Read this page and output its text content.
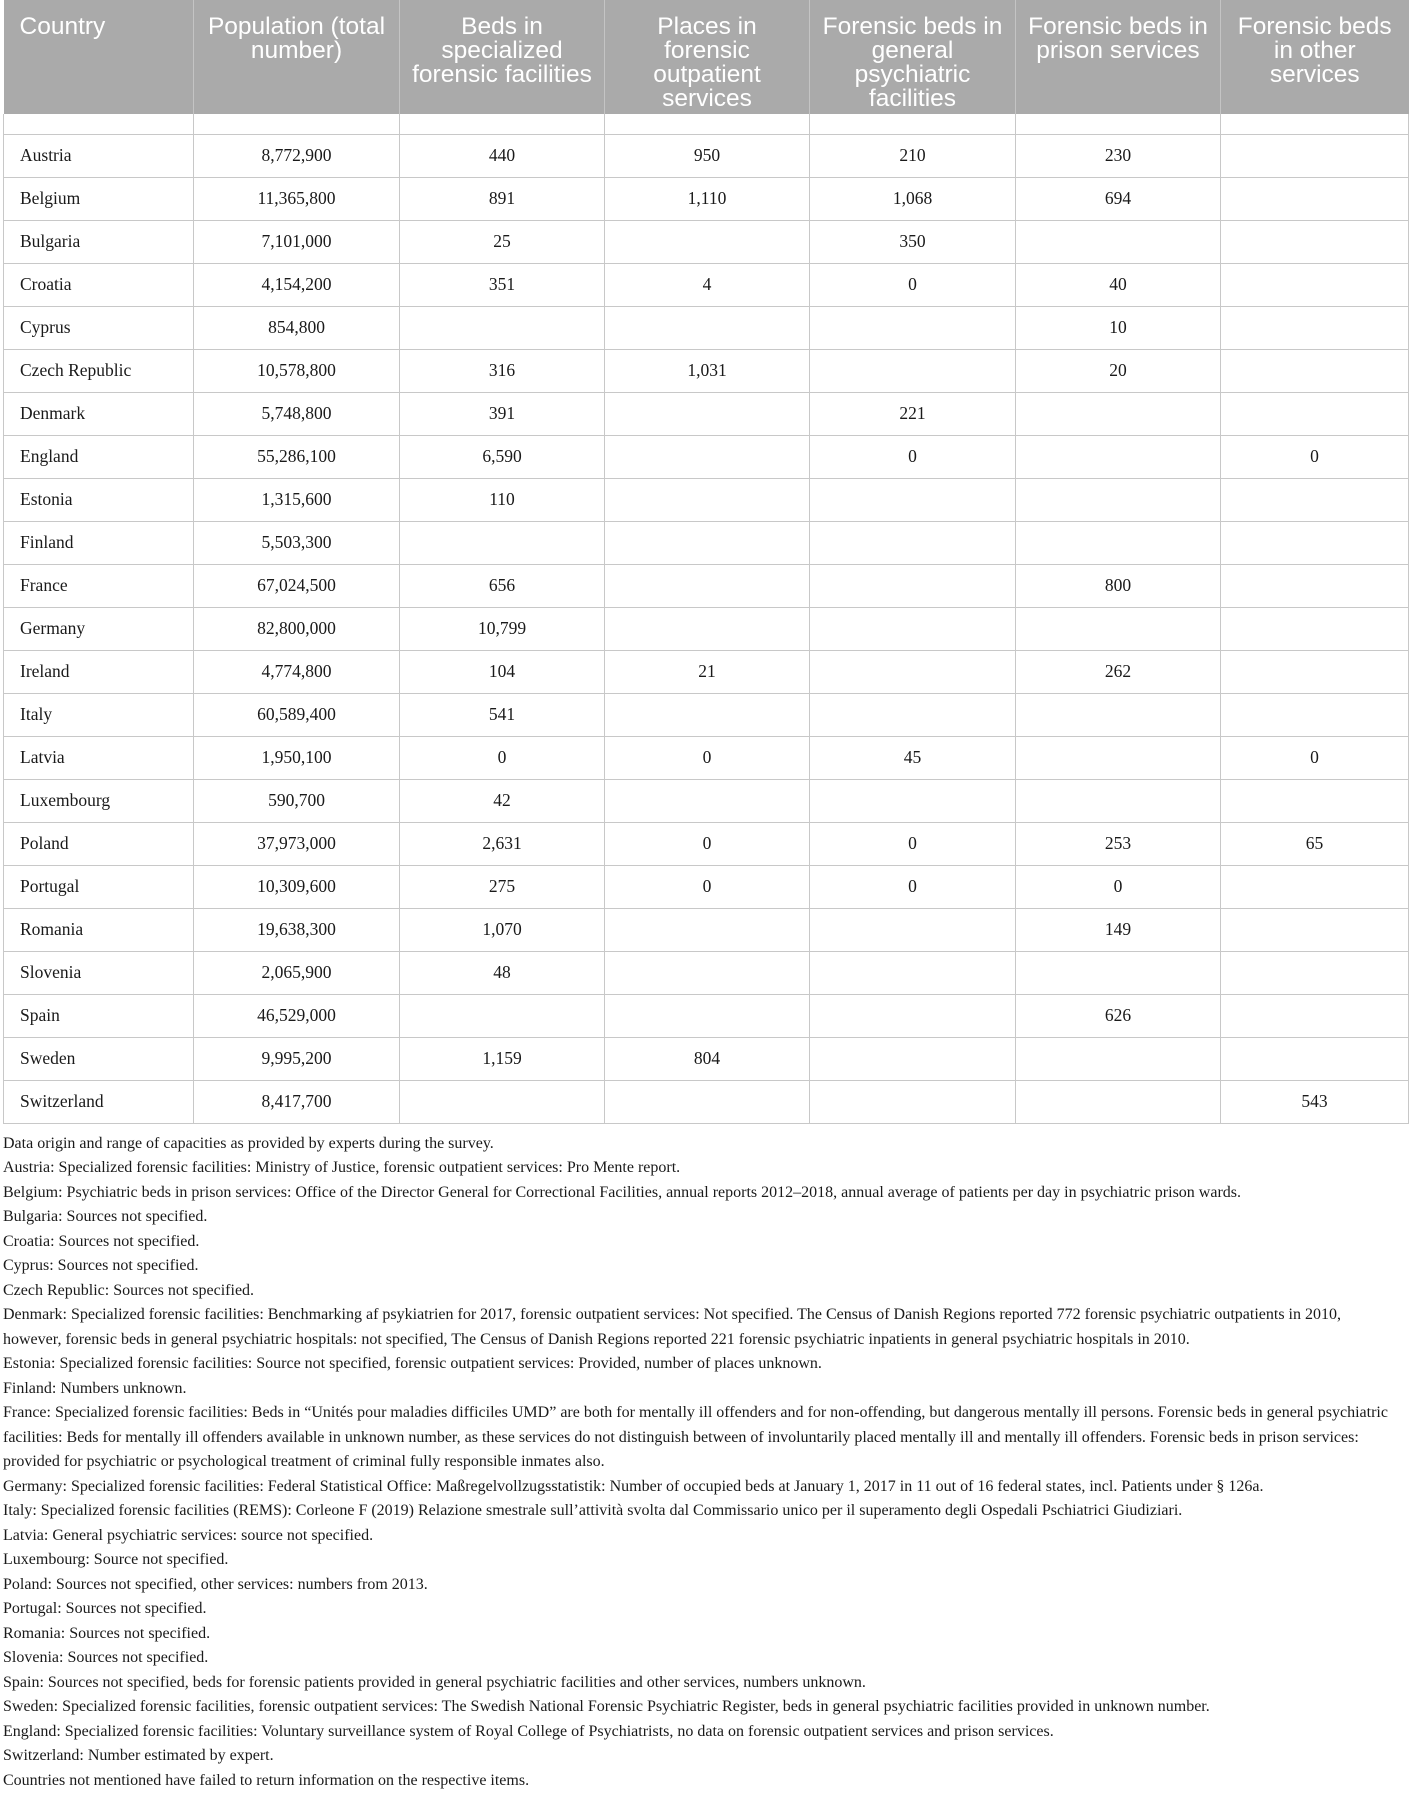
Country	Population (total number)	Beds in specialized forensic facilities	Places in forensic outpatient services	Forensic beds in general psychiatric facilities	Forensic beds in prison services	Forensic beds in other services

Austria	8,772,900	440	950	210	230	
Belgium	11,365,800	891	1,110	1,068	694	
Bulgaria	7,101,000	25		350		
Croatia	4,154,200	351	4	0	40	
Cyprus	854,800				10	
Czech Republic	10,578,800	316	1,031		20	
Denmark	5,748,800	391		221		
England	55,286,100	6,590		0		0
Estonia	1,315,600	110				
Finland	5,503,300					
France	67,024,500	656			800	
Germany	82,800,000	10,799				
Ireland	4,774,800	104	21		262	
Italy	60,589,400	541				
Latvia	1,950,100	0	0	45		0
Luxembourg	590,700	42				
Poland	37,973,000	2,631	0	0	253	65
Portugal	10,309,600	275	0	0	0	
Romania	19,638,300	1,070			149	
Slovenia	2,065,900	48				
Spain	46,529,000				626	
Sweden	9,995,200	1,159	804			
Switzerland	8,417,700					543

Data origin and range of capacities as provided by experts during the survey.

Austria: Specialized forensic facilities: Ministry of Justice, forensic outpatient services: Pro Mente report.

Belgium: Psychiatric beds in prison services: Office of the Director General for Correctional Facilities, annual reports 2012–2018, annual average of patients per day in psychiatric prison wards.

Bulgaria: Sources not specified.

Croatia: Sources not specified.

Cyprus: Sources not specified.

Czech Republic: Sources not specified.

Denmark: Specialized forensic facilities: Benchmarking af psykiatrien for 2017, forensic outpatient services: Not specified. The Census of Danish Regions reported 772 forensic psychiatric outpatients in 2010, however, forensic beds in general psychiatric hospitals: not specified, The Census of Danish Regions reported 221 forensic psychiatric inpatients in general psychiatric hospitals in 2010.

Estonia: Specialized forensic facilities: Source not specified, forensic outpatient services: Provided, number of places unknown.

Finland: Numbers unknown.

France: Specialized forensic facilities: Beds in “Unités pour maladies difficiles UMD” are both for mentally ill offenders and for non-offending, but dangerous mentally ill persons. Forensic beds in general psychiatric facilities: Beds for mentally ill offenders available in unknown number, as these services do not distinguish between of involuntarily placed mentally ill and mentally ill offenders. Forensic beds in prison services: provided for psychiatric or psychological treatment of criminal fully responsible inmates also.

Germany: Specialized forensic facilities: Federal Statistical Office: Maßregelvollzugsstatistik: Number of occupied beds at January 1, 2017 in 11 out of 16 federal states, incl. Patients under § 126a.

Italy: Specialized forensic facilities (REMS): Corleone F (2019) Relazione smestrale sull’attività svolta dal Commissario unico per il superamento degli Ospedali Pschiatrici Giudiziari.

Latvia: General psychiatric services: source not specified.

Luxembourg: Source not specified.

Poland: Sources not specified, other services: numbers from 2013.

Portugal: Sources not specified.

Romania: Sources not specified.

Slovenia: Sources not specified.

Spain: Sources not specified, beds for forensic patients provided in general psychiatric facilities and other services, numbers unknown.

Sweden: Specialized forensic facilities, forensic outpatient services: The Swedish National Forensic Psychiatric Register, beds in general psychiatric facilities provided in unknown number.

England: Specialized forensic facilities: Voluntary surveillance system of Royal College of Psychiatrists, no data on forensic outpatient services and prison services.

Switzerland: Number estimated by expert.

Countries not mentioned have failed to return information on the respective items.
